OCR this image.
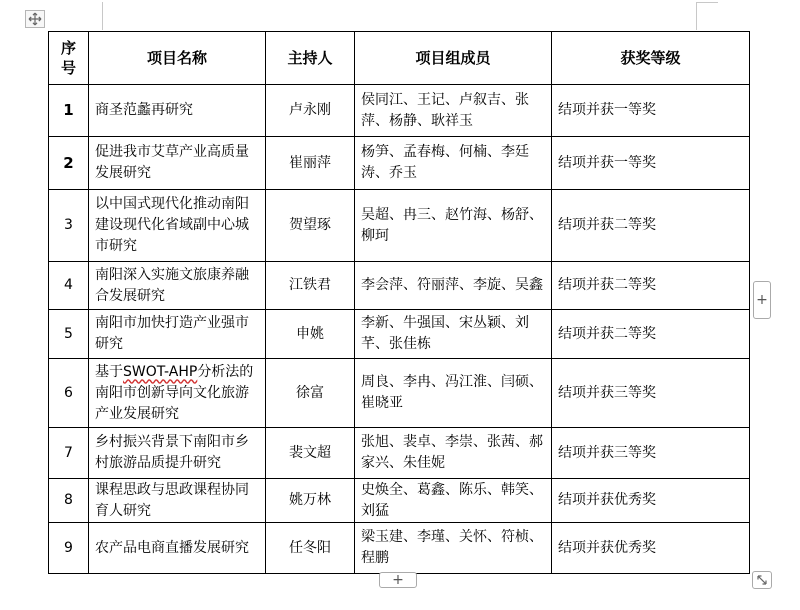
序
号	项目名称	主持人	项目组成员	获奖等级
1	商圣范蠡再研究	卢永刚	侯同江、王记、卢叙吉、张萍、杨静、耿祥玉	结项并获一等奖
2	促进我市艾草产业高质量发展研究	崔丽萍	杨笋、孟春梅、何楠、李廷涛、乔玉	结项并获一等奖
3	以中国式现代化推动南阳建设现代化省域副中心城市研究	贺望琢	吴超、冉三、赵竹海、杨舒、柳珂	结项并获二等奖
4	南阳深入实施文旅康养融合发展研究	江铁君	李会萍、符丽萍、李旋、吴鑫	结项并获二等奖
5	南阳市加快打造产业强市研究	申姚	李新、牛强国、宋丛颖、刘芊、张佳栋	结项并获二等奖
6	基于SWOT-AHP分析法的南阳市创新导向文化旅游产业发展研究	徐富	周良、李冉、冯江淮、闫硕、崔晓亚	结项并获三等奖
7	乡村振兴背景下南阳市乡村旅游品质提升研究	裴文超	张旭、裴卓、李崇、张茜、郝家兴、朱佳妮	结项并获三等奖
8	课程思政与思政课程协同育人研究	姚万林	史焕全、葛鑫、陈乐、韩笑、刘猛	结项并获优秀奖
9	农产品电商直播发展研究	任冬阳	梁玉建、李瑾、关怀、符桢、程鹏	结项并获优秀奖
+
+
